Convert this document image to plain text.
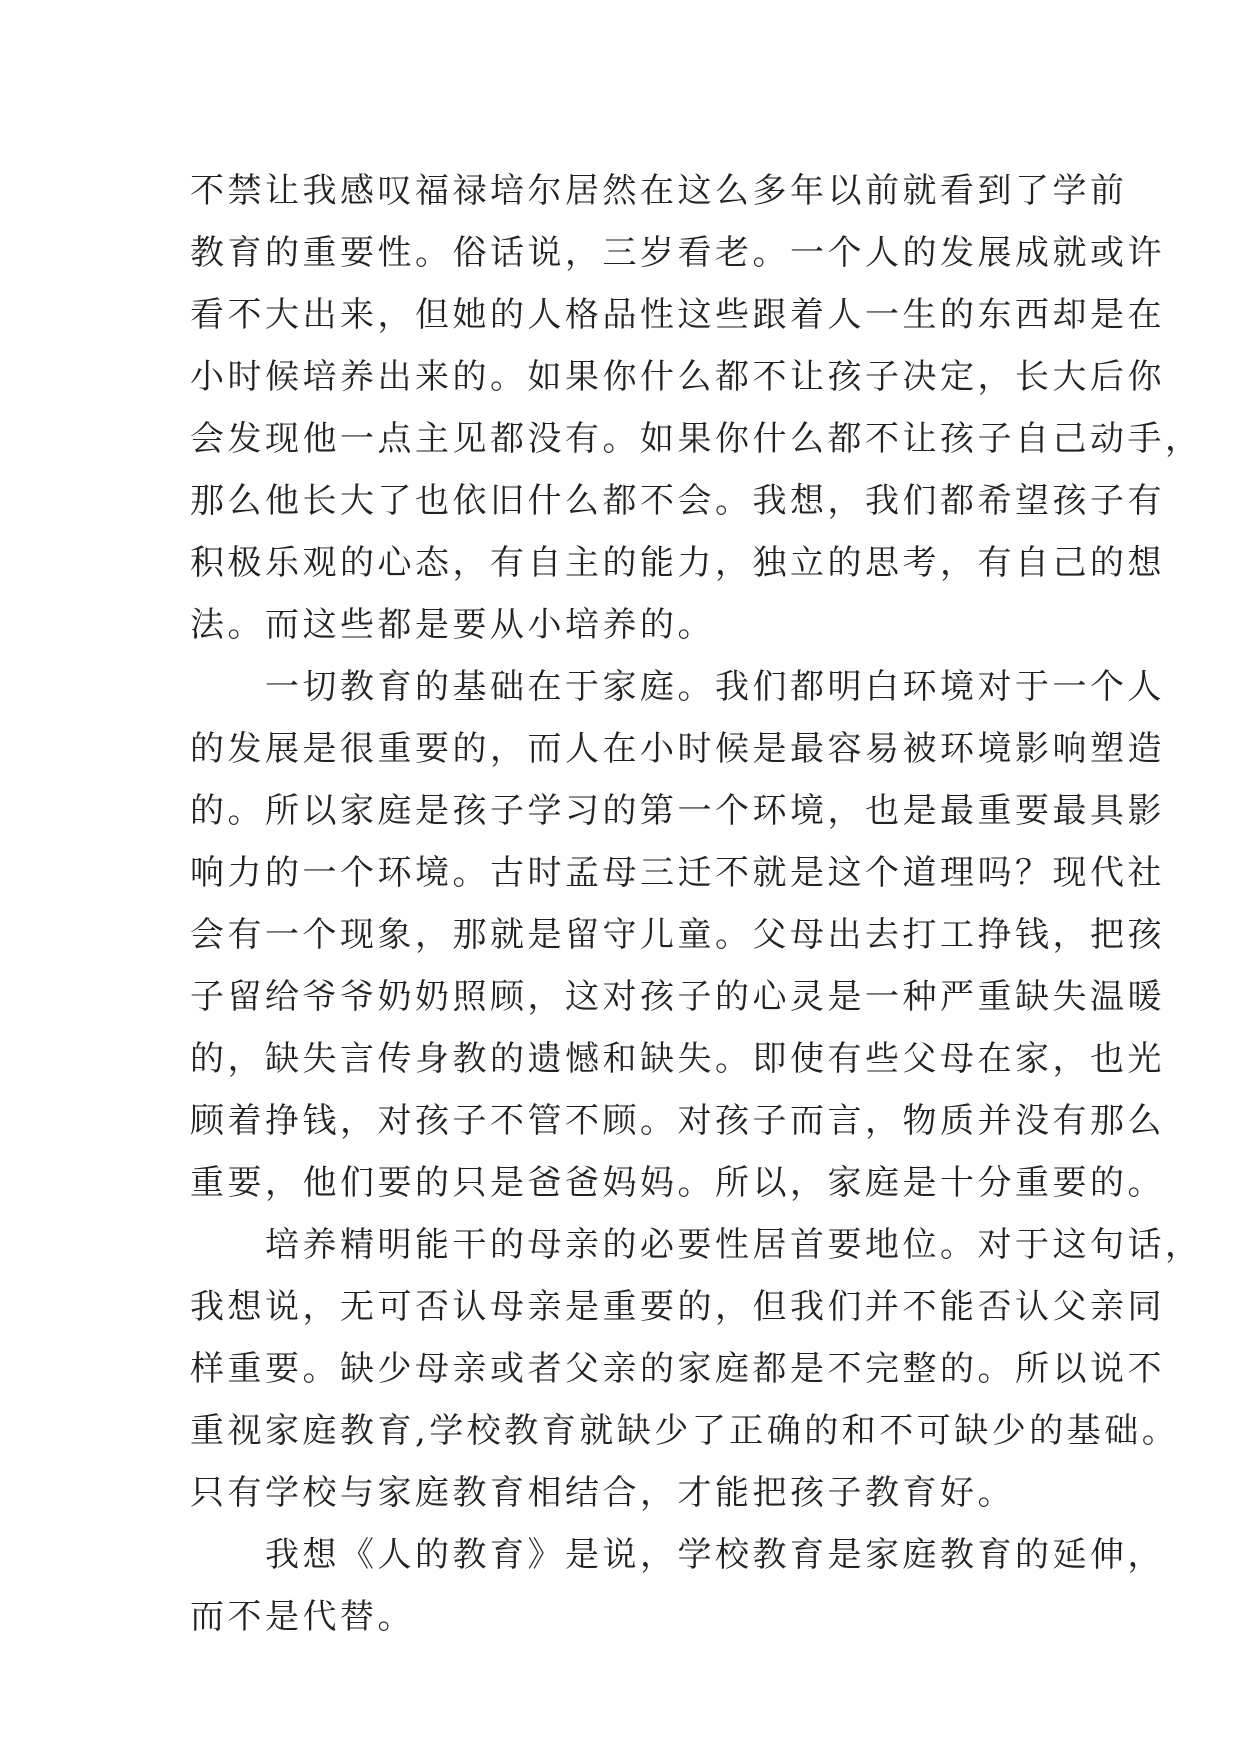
不禁让我感叹福禄培尔居然在这么多年以前就看到了学前
教育的重要性。俗话说，三岁看老。一个人的发展成就或许
看不大出来，但她的人格品性这些跟着人一生的东西却是在
小时候培养出来的。如果你什么都不让孩子决定，长大后你
会发现他一点主见都没有。如果你什么都不让孩子自己动手，
那么他长大了也依旧什么都不会。我想，我们都希望孩子有
积极乐观的心态，有自主的能力，独立的思考，有自己的想
法。而这些都是要从小培养的。
　　一切教育的基础在于家庭。我们都明白环境对于一个人
的发展是很重要的，而人在小时候是最容易被环境影响塑造
的。所以家庭是孩子学习的第一个环境，也是最重要最具影
响力的一个环境。古时孟母三迁不就是这个道理吗？现代社
会有一个现象，那就是留守儿童。父母出去打工挣钱，把孩
子留给爷爷奶奶照顾，这对孩子的心灵是一种严重缺失温暖
的，缺失言传身教的遗憾和缺失。即使有些父母在家，也光
顾着挣钱，对孩子不管不顾。对孩子而言，物质并没有那么
重要，他们要的只是爸爸妈妈。所以，家庭是十分重要的。
　　培养精明能干的母亲的必要性居首要地位。对于这句话，
我想说，无可否认母亲是重要的，但我们并不能否认父亲同
样重要。缺少母亲或者父亲的家庭都是不完整的。所以说不
重视家庭教育,学校教育就缺少了正确的和不可缺少的基础。
只有学校与家庭教育相结合，才能把孩子教育好。
　　我想《人的教育》是说，学校教育是家庭教育的延伸，
而不是代替。
